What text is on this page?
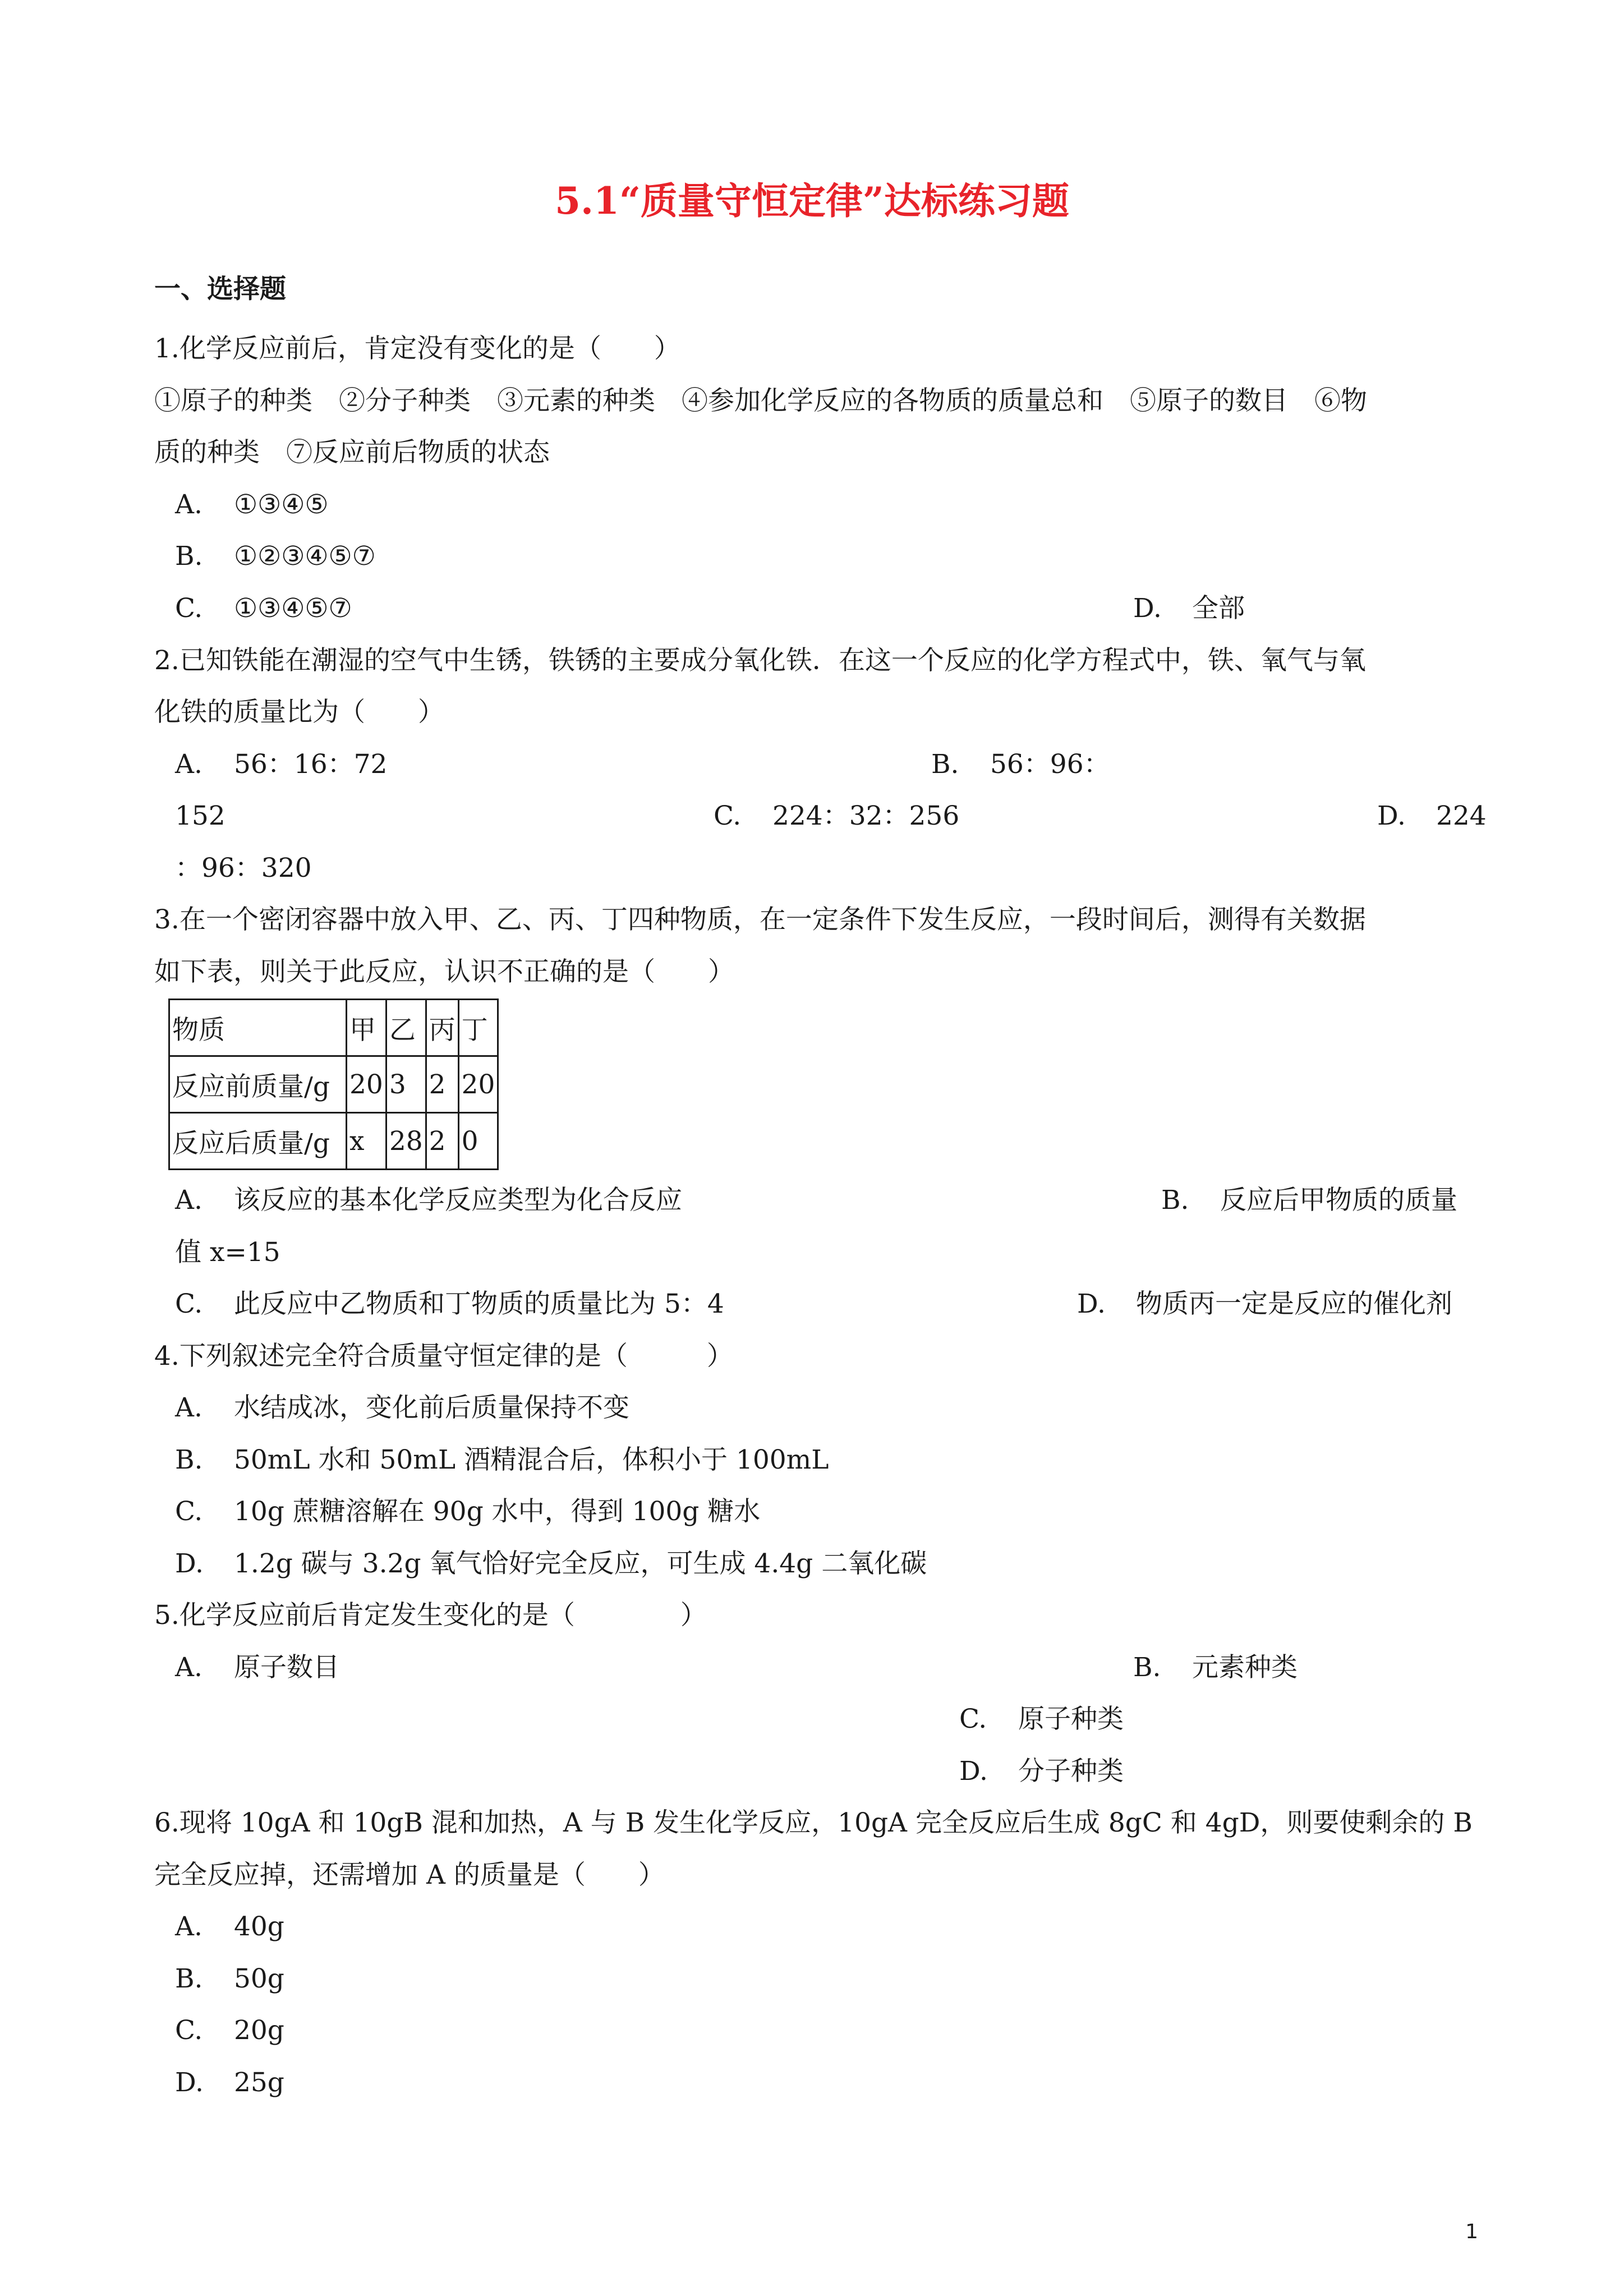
5.1“质量守恒定律”达标练习题
一、选择题
1.化学反应前后，肯定没有变化的是（　　）
①原子的种类　②分子种类　③元素的种类　④参加化学反应的各物质的质量总和　⑤原子的数目　⑥物
质的种类　⑦反应前后物质的状态
A. ①③④⑤
B. ①②③④⑤⑦
C. ①③④⑤⑦	D. 全部
2.已知铁能在潮湿的空气中生锈，铁锈的主要成分氧化铁．在这一个反应的化学方程式中，铁、氧气与氧
化铁的质量比为（　　）
A. 56：16：72	B. 56：96：
152	C. 224：32：256	D. 224
：96：320
3.在一个密闭容器中放入甲、乙、丙、丁四种物质，在一定条件下发生反应，一段时间后，测得有关数据
如下表，则关于此反应，认识不正确的是（　　）
物质	甲	乙	丙	丁
反应前质量/g	20	3	2	20
反应后质量/g	x	28	2	0
A. 该反应的基本化学反应类型为化合反应	B. 反应后甲物质的质量
值 x=15
C. 此反应中乙物质和丁物质的质量比为 5：4	D. 物质丙一定是反应的催化剂
4.下列叙述完全符合质量守恒定律的是（　　　）
A. 水结成冰，变化前后质量保持不变
B. 50mL 水和 50mL 酒精混合后，体积小于 100mL
C. 10g 蔗糖溶解在 90g 水中，得到 100g 糖水
D. 1.2g 碳与 3.2g 氧气恰好完全反应，可生成 4.4g 二氧化碳
5.化学反应前后肯定发生变化的是（　　　　）
A. 原子数目	B. 元素种类
C. 原子种类
D. 分子种类
6.现将 10gA 和 10gB 混和加热，A 与 B 发生化学反应，10gA 完全反应后生成 8gC 和 4gD，则要使剩余的 B
完全反应掉，还需增加 A 的质量是（　　）
A. 40g
B. 50g
C. 20g
D. 25g
1
